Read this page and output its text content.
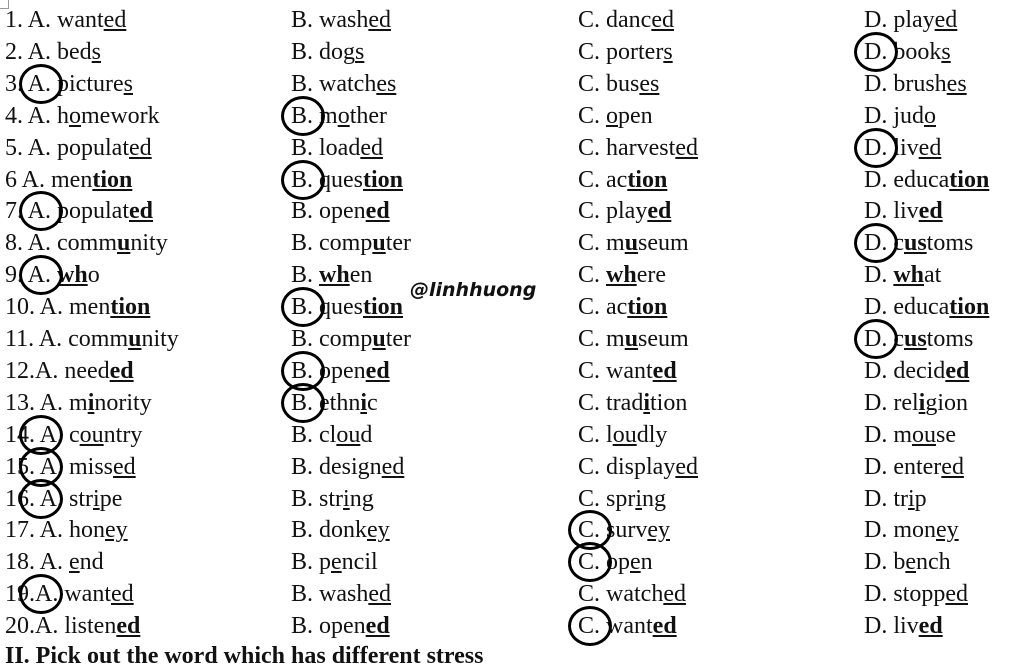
1. A. wanted	B. washed	C. danced	D. played
2. A. beds	B. dogs	C. porters	D. books
3. A. pictures	B. watches	C. buses	D. brushes
4. A. homework	B. mother	C. open	D. judo
5. A. populated	B. loaded	C. harvested	D. lived
6 A. mention	B. question	C. action	D. education
7. A. populated	B. opened	C. played	D. lived
8. A. community	B. computer	C. museum	D. customs
9. A. who	B. when	C. where	D. what
10. A. mention	B. question	C. action	D. education
11. A. community	B. computer	C. museum	D. customs
12.A. needed	B. opened	C. wanted	D. decided
13. A. minority	B. ethnic	C. tradition	D. religion
14. A. country	B. cloud	C. loudly	D. mouse
15. A. missed	B. designed	C. displayed	D. entered
16. A. stripe	B. string	C. spring	D. trip
17. A. honey	B. donkey	C. survey	D. money
18. A. end	B. pencil	C. open	D. bench
19.A. wanted	B. washed	C. watched	D. stopped
20.A. listened	B. opened	C. wanted	D. lived
@linhhuong
II. Pick out the word which has different stress
